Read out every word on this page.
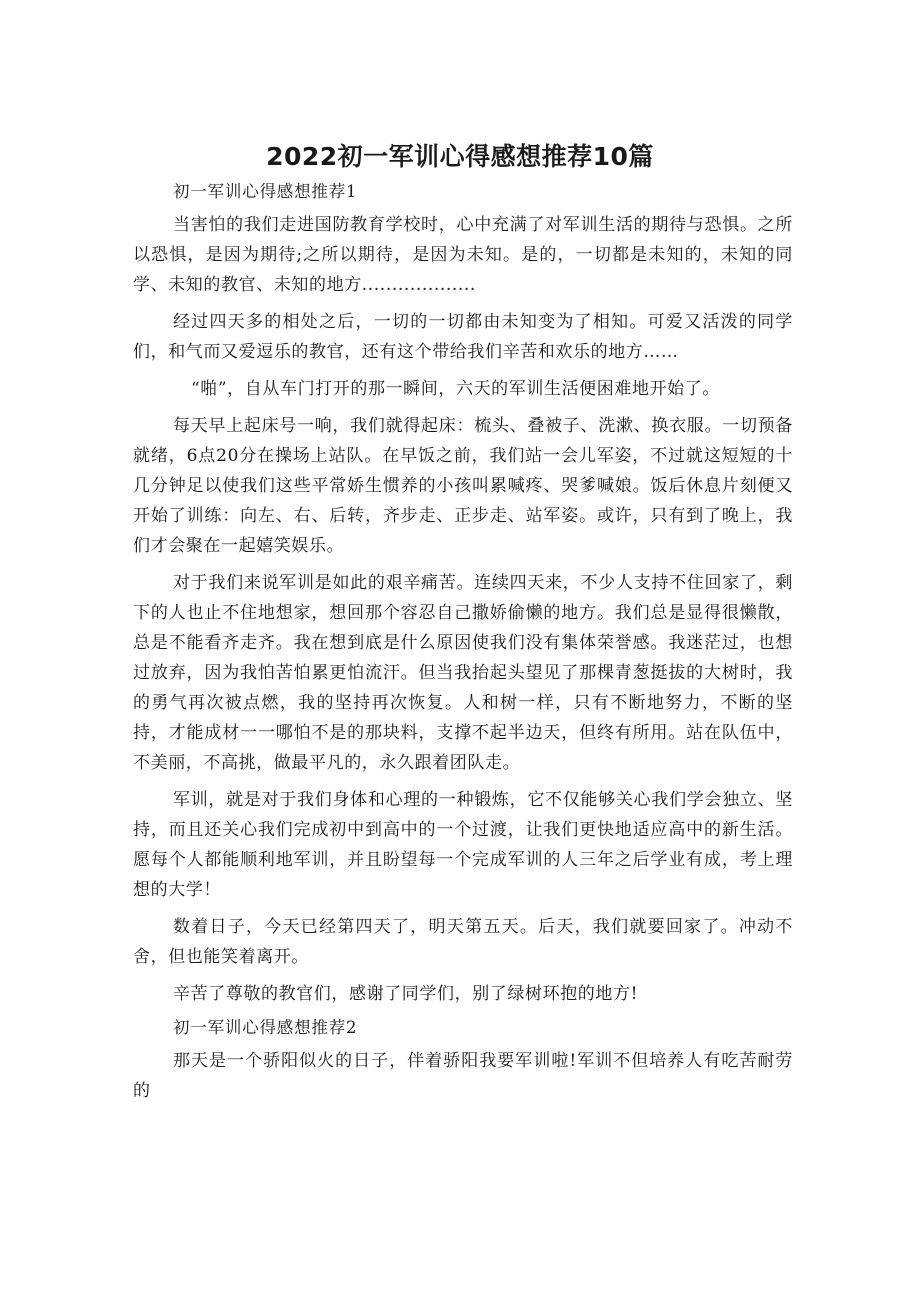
2022初一军训心得感想推荐10篇
初一军训心得感想推荐1

当害怕的我们走进国防教育学校时，心中充满了对军训生活的期待与恐惧。之所以恐惧，是因为期待;之所以期待，是因为未知。是的，一切都是未知的，未知的同学、未知的教官、未知的地方...................

经过四天多的相处之后，一切的一切都由未知变为了相知。可爱又活泼的同学们，和气而又爱逗乐的教官，还有这个带给我们辛苦和欢乐的地方……

“啪”，自从车门打开的那一瞬间，六天的军训生活便困难地开始了。

每天早上起床号一响，我们就得起床：梳头、叠被子、洗漱、换衣服。一切预备就绪，6点20分在操场上站队。在早饭之前，我们站一会儿军姿，不过就这短短的十几分钟足以使我们这些平常娇生惯养的小孩叫累喊疼、哭爹喊娘。饭后休息片刻便又开始了训练：向左、右、后转，齐步走、正步走、站军姿。或许，只有到了晚上，我们才会聚在一起嬉笑娱乐。

对于我们来说军训是如此的艰辛痛苦。连续四天来，不少人支持不住回家了，剩下的人也止不住地想家，想回那个容忍自己撒娇偷懒的地方。我们总是显得很懒散，总是不能看齐走齐。我在想到底是什么原因使我们没有集体荣誉感。我迷茫过，也想过放弃，因为我怕苦怕累更怕流汗。但当我抬起头望见了那棵青葱挺拔的大树时，我的勇气再次被点燃，我的坚持再次恢复。人和树一样，只有不断地努力，不断的坚持，才能成材一一哪怕不是的那块料，支撑不起半边天，但终有所用。站在队伍中，不美丽，不高挑，做最平凡的，永久跟着团队走。

军训，就是对于我们身体和心理的一种锻炼，它不仅能够关心我们学会独立、坚持，而且还关心我们完成初中到高中的一个过渡，让我们更快地适应高中的新生活。愿每个人都能顺利地军训，并且盼望每一个完成军训的人三年之后学业有成，考上理想的大学！

数着日子，今天已经第四天了，明天第五天。后天，我们就要回家了。冲动不舍，但也能笑着离开。

辛苦了尊敬的教官们，感谢了同学们，别了绿树环抱的地方!

初一军训心得感想推荐2

那天是一个骄阳似火的日子，伴着骄阳我要军训啦!军训不但培养人有吃苦耐劳的
